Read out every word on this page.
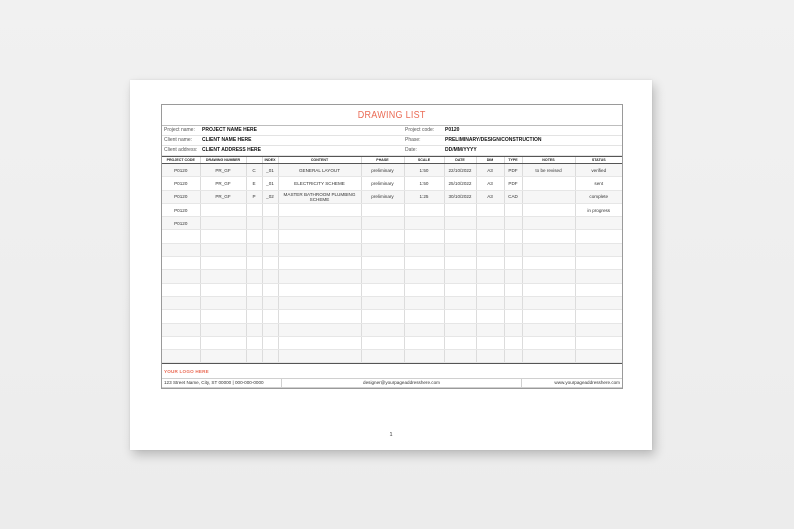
DRAWING LIST
Project name:	PROJECT NAME HERE	Project code:	P0120
Client name:	CLIENT NAME HERE	Phase:	PRELIMINARY/DESIGN/CONSTRUCTION
Client address: CLIENT ADDRESS HERE	Date:	DD/MM/YYYY
PROJECT CODE	DRAWING NUMBER		INDEX	CONTENT	PHASE	SCALE	DATE	DIM	TYPE	NOTES	STATUS
P0120	PR_GF	C	_01	GENERAL LAYOUT	preliminary	1:50	22/10/2022	A3	PDF	to be revised	verified
P0120	PR_GF	E	_01	ELECTRICITY SCHEME	preliminary	1:50	25/10/2022	A3	PDF		sent
P0120	PR_GF	P	_02	MASTER BATHROOM PLUMBING SCHEME	preliminary	1:25	30/10/2022	A3	CAD		complete
P0120											in progress
P0120											

YOUR LOGO HERE
123 Street Name, City, ST 00000 | 000-000-0000	designer@yourpageaddresshere.com	www.yourpageaddresshere.com
1
